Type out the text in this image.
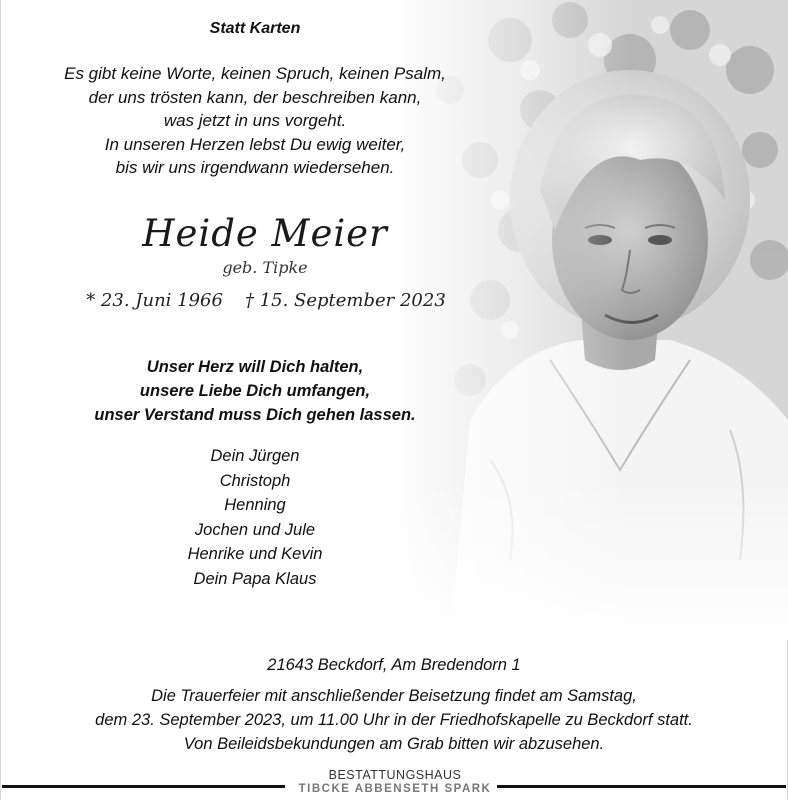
Statt Karten
Es gibt keine Worte, keinen Spruch, keinen Psalm,
der uns trösten kann, der beschreiben kann,
was jetzt in uns vorgeht.
In unseren Herzen lebst Du ewig weiter,
bis wir uns irgendwann wiedersehen.
Heide Meier
geb. Tipke
* 23. Juni 1966 † 15. September 2023
Unser Herz will Dich halten,
unsere Liebe Dich umfangen,
unser Verstand muss Dich gehen lassen.
Dein Jürgen
Christoph
Henning
Jochen und Jule
Henrike und Kevin
Dein Papa Klaus
21643 Beckdorf, Am Bredendorn 1
Die Trauerfeier mit anschließender Beisetzung findet am Samstag,
dem 23. September 2023, um 11.00 Uhr in der Friedhofskapelle zu Beckdorf statt.
Von Beileidsbekundungen am Grab bitten wir abzusehen.
BESTATTUNGSHAUS
TIBCKE ABBENSETH SPARK
